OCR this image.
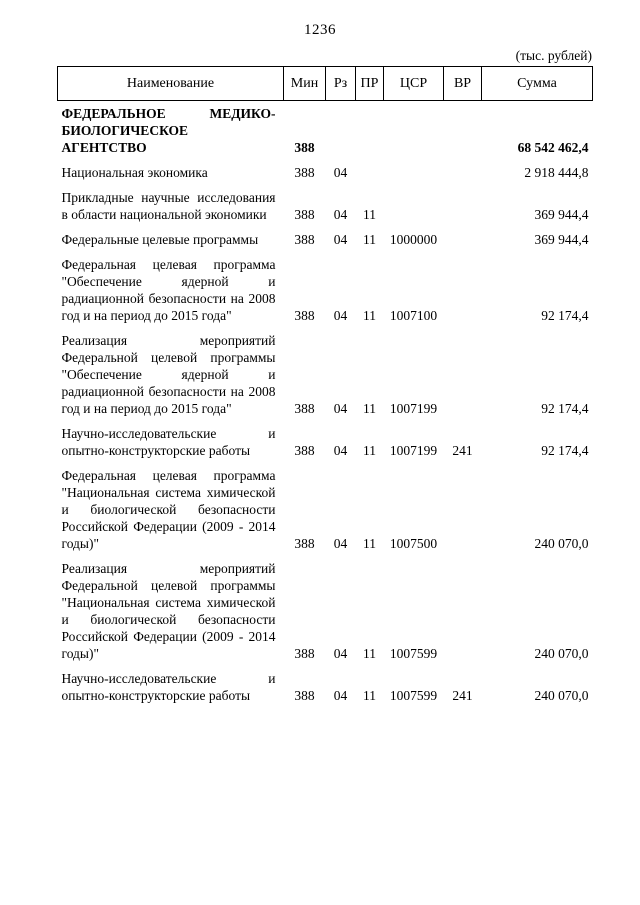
1236
(тыс. рублей)
Наименование	Мин	Рз	ПР	ЦСР	ВР	Сумма
ФЕДЕРАЛЬНОЕ МЕДИКО-БИОЛОГИЧЕСКОЕ АГЕНТСТВО	388					68 542 462,4
Национальная экономика	388	04				2 918 444,8
Прикладные научные исследования в области национальной экономики	388	04	11			369 944,4
Федеральные целевые программы	388	04	11	1000000		369 944,4
Федеральная целевая программа "Обеспечение ядерной и радиационной безопасности на 2008 год и на период до 2015 года"	388	04	11	1007100		92 174,4
Реализация мероприятий Федеральной целевой программы "Обеспечение ядерной и радиационной безопасности на 2008 год и на период до 2015 года"	388	04	11	1007199		92 174,4
Научно-исследовательские и опытно-конструкторские работы	388	04	11	1007199	241	92 174,4
Федеральная целевая программа "Национальная система химической и биологической безопасности Российской Федерации (2009 - 2014 годы)"	388	04	11	1007500		240 070,0
Реализация мероприятий Федеральной целевой программы "Национальная система химической и биологической безопасности Российской Федерации (2009 - 2014 годы)"	388	04	11	1007599		240 070,0
Научно-исследовательские и опытно-конструкторские работы	388	04	11	1007599	241	240 070,0
